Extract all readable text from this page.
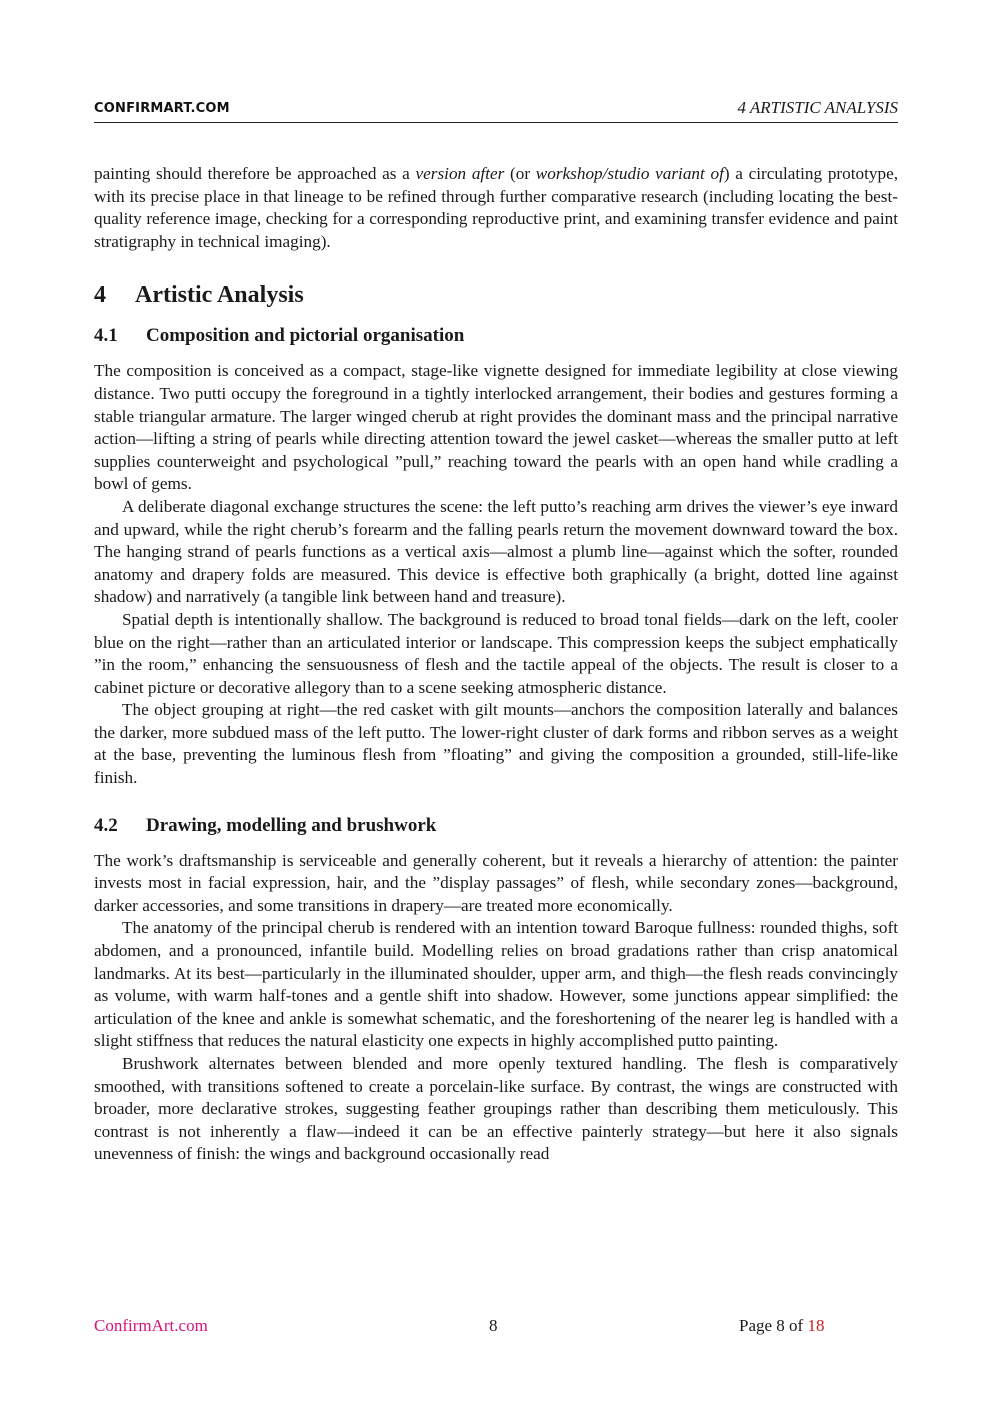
CONFIRMART.COM	4 ARTISTIC ANALYSIS

painting should therefore be approached as a version after (or workshop/studio variant of) a circulating prototype, with its precise place in that lineage to be refined through further comparative research (including locating the best-quality reference image, checking for a corresponding reproductive print, and examining transfer evidence and paint stratigraphy in technical imaging).

4 Artistic Analysis
4.1 Composition and pictorial organisation

The composition is conceived as a compact, stage-like vignette designed for immediate legibility at close viewing distance. Two putti occupy the foreground in a tightly interlocked arrangement, their bodies and gestures forming a stable triangular armature. The larger winged cherub at right provides the dominant mass and the principal narrative action—lifting a string of pearls while directing attention toward the jewel casket—whereas the smaller putto at left supplies counterweight and psychological ”pull,” reaching toward the pearls with an open hand while cradling a bowl of gems.

A deliberate diagonal exchange structures the scene: the left putto’s reaching arm drives the viewer’s eye inward and upward, while the right cherub’s forearm and the falling pearls return the movement downward toward the box. The hanging strand of pearls functions as a vertical axis—almost a plumb line—against which the softer, rounded anatomy and drapery folds are measured. This device is effective both graphically (a bright, dotted line against shadow) and narratively (a tangible link between hand and treasure).

Spatial depth is intentionally shallow. The background is reduced to broad tonal fields—dark on the left, cooler blue on the right—rather than an articulated interior or landscape. This compression keeps the subject emphatically ”in the room,” enhancing the sensuousness of flesh and the tactile appeal of the objects. The result is closer to a cabinet picture or decorative allegory than to a scene seeking atmospheric distance.

The object grouping at right—the red casket with gilt mounts—anchors the composition laterally and balances the darker, more subdued mass of the left putto. The lower-right cluster of dark forms and ribbon serves as a weight at the base, preventing the luminous flesh from ”floating” and giving the composition a grounded, still-life-like finish.

4.2 Drawing, modelling and brushwork

The work’s draftsmanship is serviceable and generally coherent, but it reveals a hierarchy of attention: the painter invests most in facial expression, hair, and the ”display passages” of flesh, while secondary zones—background, darker accessories, and some transitions in drapery—are treated more economically.

The anatomy of the principal cherub is rendered with an intention toward Baroque fullness: rounded thighs, soft abdomen, and a pronounced, infantile build. Modelling relies on broad gradations rather than crisp anatomical landmarks. At its best—particularly in the illuminated shoulder, upper arm, and thigh—the flesh reads convincingly as volume, with warm half-tones and a gentle shift into shadow. However, some junctions appear simplified: the articulation of the knee and ankle is somewhat schematic, and the foreshortening of the nearer leg is handled with a slight stiffness that reduces the natural elasticity one expects in highly accomplished putto painting.

Brushwork alternates between blended and more openly textured handling. The flesh is comparatively smoothed, with transitions softened to create a porcelain-like surface. By contrast, the wings are constructed with broader, more declarative strokes, suggesting feather groupings rather than describing them meticulously. This contrast is not inherently a flaw—indeed it can be an effective painterly strategy—but here it also signals unevenness of finish: the wings and background occasionally read

ConfirmArt.com	8	Page 8 of 18
